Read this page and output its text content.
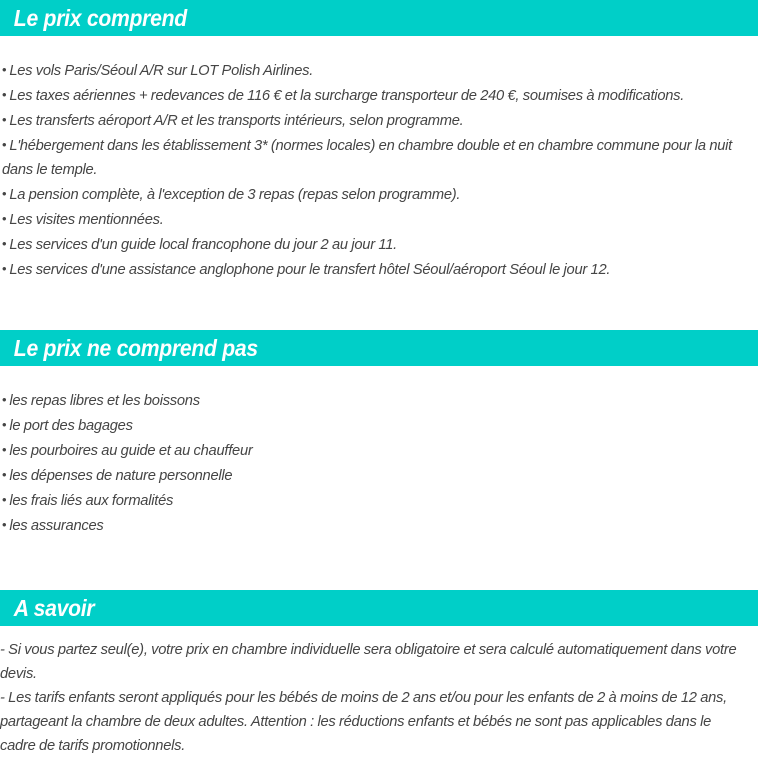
Le prix comprend

• Les vols Paris/Séoul A/R sur LOT Polish Airlines.

• Les taxes aériennes + redevances de 116 € et la surcharge transporteur de 240 €, soumises à modifications.

• Les transferts aéroport A/R et les transports intérieurs, selon programme.

• L'hébergement dans les établissement 3* (normes locales) en chambre double et en chambre commune pour la nuit dans le temple.

• La pension complète, à l'exception de 3 repas (repas selon programme).

• Les visites mentionnées.

• Les services d'un guide local francophone du jour 2 au jour 11.

• Les services d'une assistance anglophone pour le transfert hôtel Séoul/aéroport Séoul le jour 12.

Le prix ne comprend pas

• les repas libres et les boissons

• le port des bagages

• les pourboires au guide et au chauffeur

• les dépenses de nature personnelle

• les frais liés aux formalités

• les assurances

A savoir

- Si vous partez seul(e), votre prix en chambre individuelle sera obligatoire et sera calculé automatiquement dans votre devis.

- Les tarifs enfants seront appliqués pour les bébés de moins de 2 ans et/ou pour les enfants de 2 à moins de 12 ans, partageant la chambre de deux adultes. Attention : les réductions enfants et bébés ne sont pas applicables dans le cadre de tarifs promotionnels.
